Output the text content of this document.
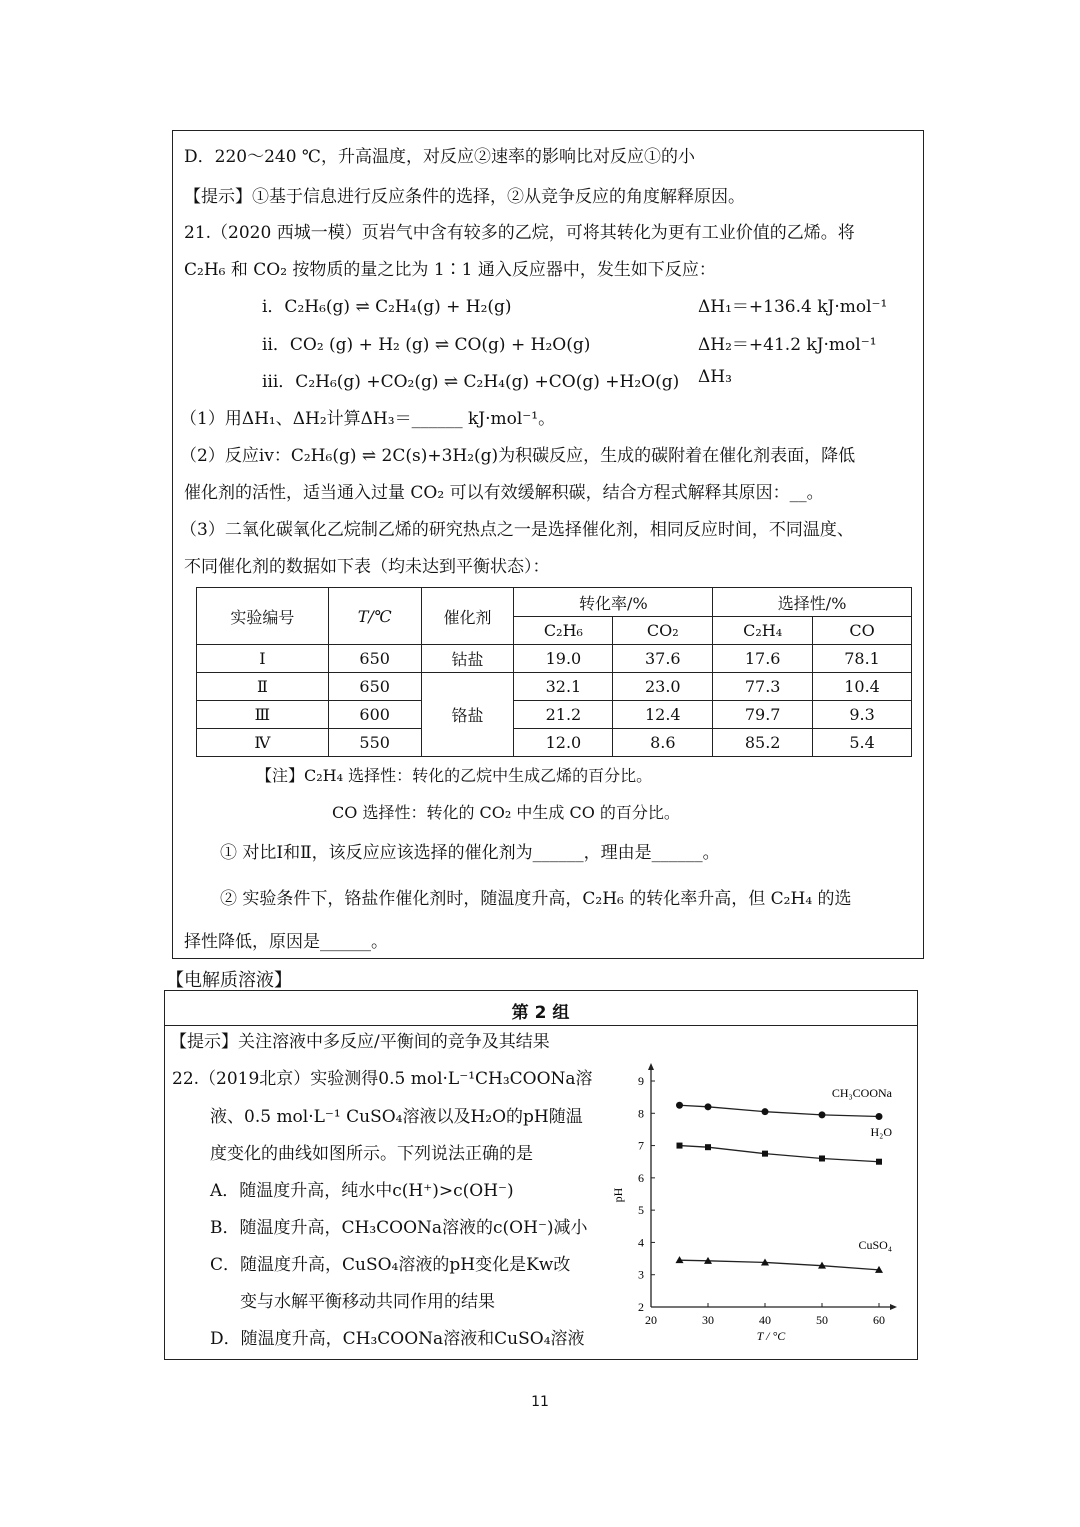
D．220～240 ℃，升高温度，对反应②速率的影响比对反应①的小
【提示】①基于信息进行反应条件的选择，②从竞争反应的角度解释原因。
21.（2020 西城一模）页岩气中含有较多的乙烷，可将其转化为更有工业价值的乙烯。将
C₂H₆ 和 CO₂ 按物质的量之比为 1∶1 通入反应器中，发生如下反应：
ⅰ．C₂H₆(g) ⇌ C₂H₄(g) + H₂(g)	ΔH₁＝+136.4 kJ·mol⁻¹
ⅱ．CO₂ (g) + H₂ (g) ⇌ CO(g) + H₂O(g)	ΔH₂＝+41.2 kJ·mol⁻¹
ⅲ．C₂H₆(g) +CO₂(g) ⇌ C₂H₄(g) +CO(g) +H₂O(g) ΔH₃
（1）用ΔH₁、ΔH₂计算ΔH₃＝______ kJ·mol⁻¹。
（2）反应ⅳ：C₂H₆(g) ⇌ 2C(s)+3H₂(g)为积碳反应，生成的碳附着在催化剂表面，降低
催化剂的活性，适当通入过量 CO₂ 可以有效缓解积碳，结合方程式解释其原因：__。
（3）二氧化碳氧化乙烷制乙烯的研究热点之一是选择催化剂，相同反应时间，不同温度、
不同催化剂的数据如下表（均未达到平衡状态）：
实验编号	T/℃	催化剂	转化率/%		选择性/%	
			C₂H₆	CO₂	C₂H₄	CO
Ⅰ	650	钴盐	19.0	37.6	17.6	78.1
Ⅱ	650	铬盐	32.1	23.0	77.3	10.4
Ⅲ	600		21.2	12.4	79.7	9.3
Ⅳ	550		12.0	8.6	85.2	5.4
【注】C₂H₄ 选择性：转化的乙烷中生成乙烯的百分比。
CO 选择性：转化的 CO₂ 中生成 CO 的百分比。
① 对比Ⅰ和Ⅱ，该反应应该选择的催化剂为______，理由是______。
② 实验条件下，铬盐作催化剂时，随温度升高，C₂H₆ 的转化率升高，但 C₂H₄ 的选
择性降低，原因是______。
【电解质溶液】
第 2 组
【提示】关注溶液中多反应/平衡间的竞争及其结果
22.（2019北京）实验测得0.5 mol·L⁻¹CH₃COONa溶
液、0.5 mol·L⁻¹ CuSO₄溶液以及H₂O的pH随温
度变化的曲线如图所示。下列说法正确的是
A．随温度升高，纯水中c(H⁺)>c(OH⁻)
B．随温度升高，CH₃COONa溶液的c(OH⁻)减小
C．随温度升高，CuSO₄溶液的pH变化是Kw改
变与水解平衡移动共同作用的结果
D．随温度升高，CH₃COONa溶液和CuSO₄溶液
2
3
4
5
6
7
8
9
20	30	40	50	60
T / °C
pH
CH₃COONa
H₂O
CuSO₄
11
